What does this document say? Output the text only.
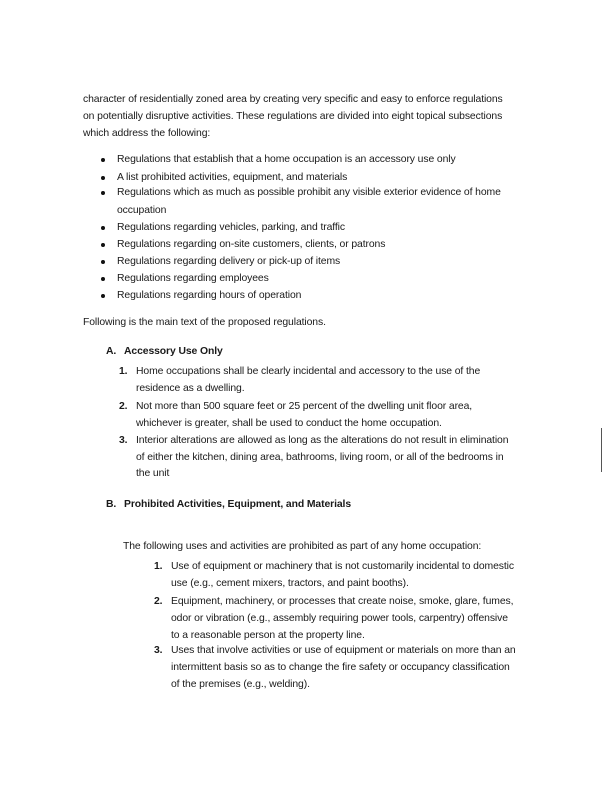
character of residentially zoned area by creating very specific and easy to enforce regulations
on potentially disruptive activities. These regulations are divided into eight topical subsections
which address the following:
Regulations that establish that a home occupation is an accessory use only
A list prohibited activities, equipment, and materials
Regulations which as much as possible prohibit any visible exterior evidence of home
occupation
Regulations regarding vehicles, parking, and traffic
Regulations regarding on-site customers, clients, or patrons
Regulations regarding delivery or pick-up of items
Regulations regarding employees
Regulations regarding hours of operation
Following is the main text of the proposed regulations.
A. Accessory Use Only
1. Home occupations shall be clearly incidental and accessory to the use of the
residence as a dwelling.
2. Not more than 500 square feet or 25 percent of the dwelling unit floor area,
whichever is greater, shall be used to conduct the home occupation.
3. Interior alterations are allowed as long as the alterations do not result in elimination
of either the kitchen, dining area, bathrooms, living room, or all of the bedrooms in
the unit
B. Prohibited Activities, Equipment, and Materials
The following uses and activities are prohibited as part of any home occupation:
1. Use of equipment or machinery that is not customarily incidental to domestic
use (e.g., cement mixers, tractors, and paint booths).
2. Equipment, machinery, or processes that create noise, smoke, glare, fumes,
odor or vibration (e.g., assembly requiring power tools, carpentry) offensive
to a reasonable person at the property line.
3. Uses that involve activities or use of equipment or materials on more than an
intermittent basis so as to change the fire safety or occupancy classification
of the premises (e.g., welding).
